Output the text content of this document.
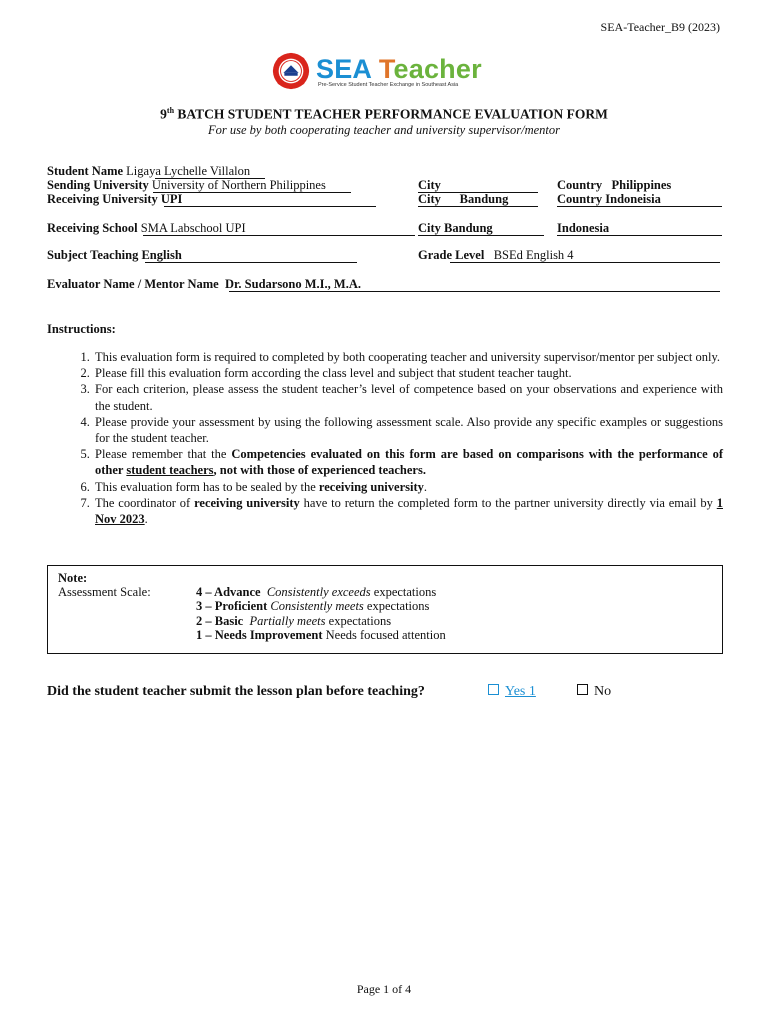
SEA-Teacher_B9 (2023)
SEA Teacher
Pre-Service Student Teacher Exchange in Southeast Asia
9th BATCH STUDENT TEACHER PERFORMANCE EVALUATION FORM
For use by both cooperating teacher and university supervisor/mentor
Student Name Ligaya Lychelle Villalon
Sending University University of Northern Philippines	City	Country Philippines
Receiving University UPI	City Bandung	Country Indoneisia
Receiving School SMA Labschool UPI	City Bandung	Indonesia
Subject Teaching English	Grade Level BSEd English 4
Evaluator Name / Mentor Name Dr. Sudarsono M.I., M.A.
Instructions:
1. This evaluation form is required to completed by both cooperating teacher and university supervisor/mentor per subject only.
2. Please fill this evaluation form according the class level and subject that student teacher taught.
3. For each criterion, please assess the student teacher’s level of competence based on your observations and experience with the student.
4. Please provide your assessment by using the following assessment scale. Also provide any specific examples or suggestions for the student teacher.
5. Please remember that the Competencies evaluated on this form are based on comparisons with the performance of other student teachers, not with those of experienced teachers.
6. This evaluation form has to be sealed by the receiving university.
7. The coordinator of receiving university have to return the completed form to the partner university directly via email by 1 Nov 2023.
Note:
Assessment Scale:	4 – Advance Consistently exceeds expectations
3 – Proficient Consistently meets expectations
2 – Basic Partially meets expectations
1 – Needs Improvement Needs focused attention
Did the student teacher submit the lesson plan before teaching?	Yes 1	No
Page 1 of 4
